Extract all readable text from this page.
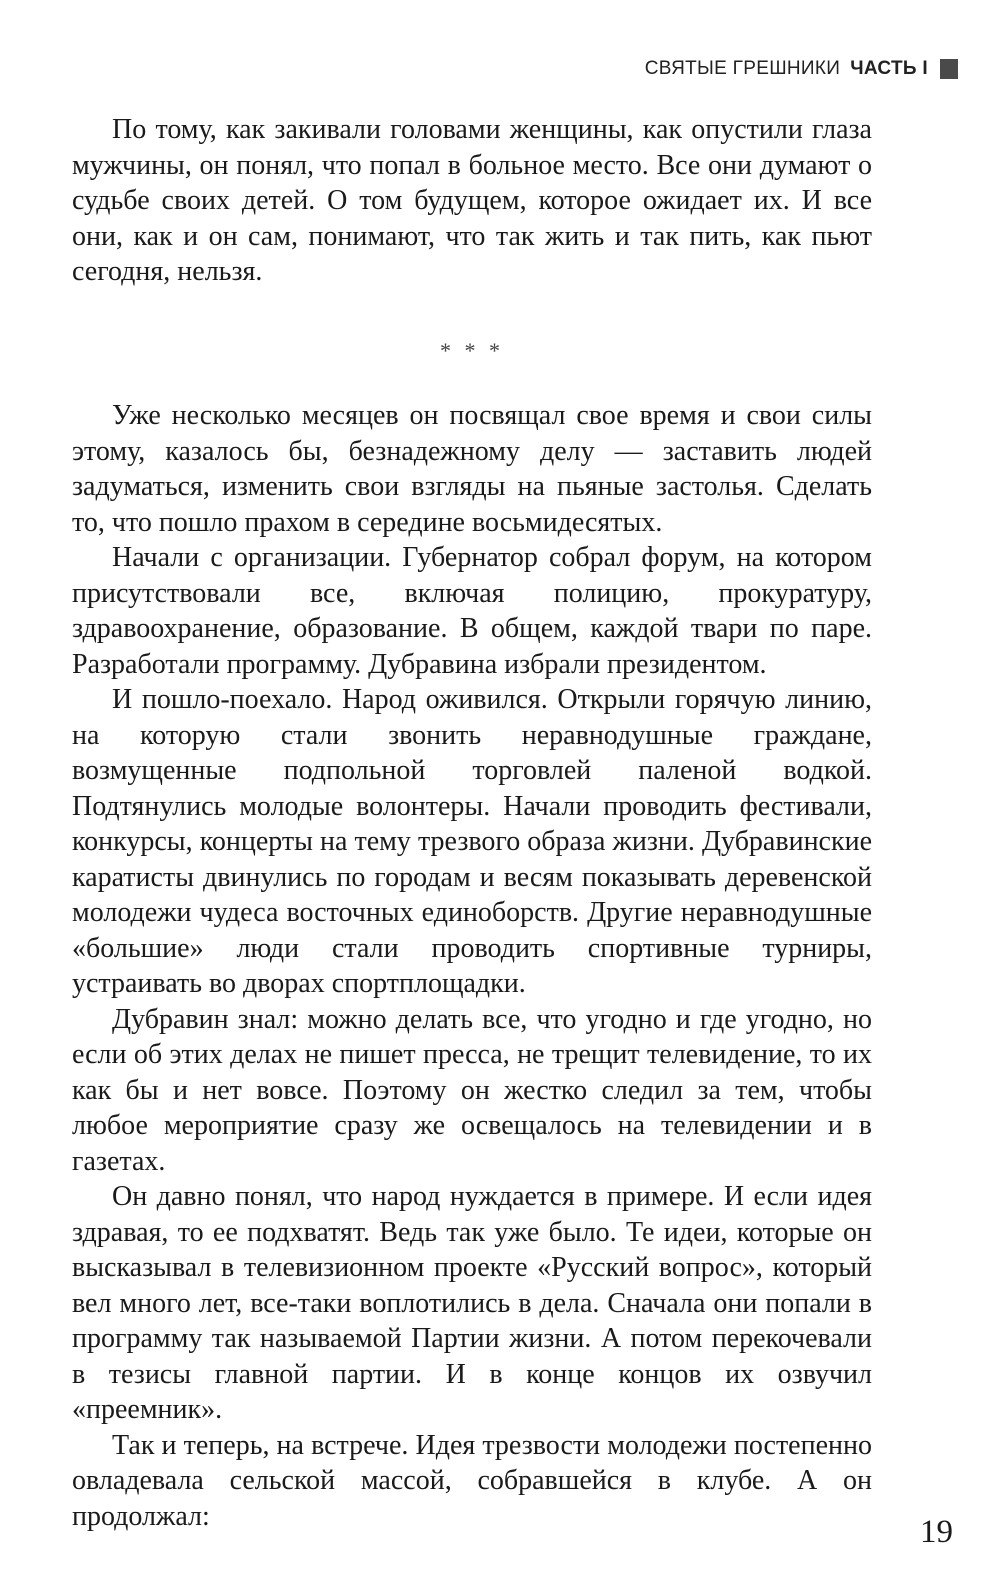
СВЯТЫЕ ГРЕШНИКИ ЧАСТЬ I

По тому, как закивали головами женщины, как опустили глаза мужчины, он понял, что попал в больное место. Все они думают о судьбе своих детей. О том будущем, которое ожидает их. И все они, как и он сам, понимают, что так жить и так пить, как пьют сегодня, нельзя.

* * *

Уже несколько месяцев он посвящал свое время и свои силы этому, казалось бы, безнадежному делу — заставить людей задуматься, изменить свои взгляды на пьяные застолья. Сделать то, что пошло прахом в середине восьмидесятых.

Начали с организации. Губернатор собрал форум, на котором присутствовали все, включая полицию, прокуратуру, здравоохранение, образование. В общем, каждой твари по паре. Разработали программу. Дубравина избрали президентом.

И пошло-поехало. Народ оживился. Открыли горячую линию, на которую стали звонить неравнодушные граждане, возмущенные подпольной торговлей паленой водкой. Подтянулись молодые волонтеры. Начали проводить фестивали, конкурсы, концерты на тему трезвого образа жизни. Дубравинские каратисты двинулись по городам и весям показывать деревенской молодежи чудеса восточных единоборств. Другие неравнодушные «большие» люди стали проводить спортивные турниры, устраивать во дворах спортплощадки.

Дубравин знал: можно делать все, что угодно и где угодно, но если об этих делах не пишет пресса, не трещит телевидение, то их как бы и нет вовсе. Поэтому он жестко следил за тем, чтобы любое мероприятие сразу же освещалось на телевидении и в газетах.

Он давно понял, что народ нуждается в примере. И если идея здравая, то ее подхватят. Ведь так уже было. Те идеи, которые он высказывал в телевизионном проекте «Русский вопрос», который вел много лет, все-таки воплотились в дела. Сначала они попали в программу так называемой Партии жизни. А потом перекочевали в тезисы главной партии. И в конце концов их озвучил «преемник».

Так и теперь, на встрече. Идея трезвости молодежи постепенно овладевала сельской массой, собравшейся в клубе. А он продолжал:	19
